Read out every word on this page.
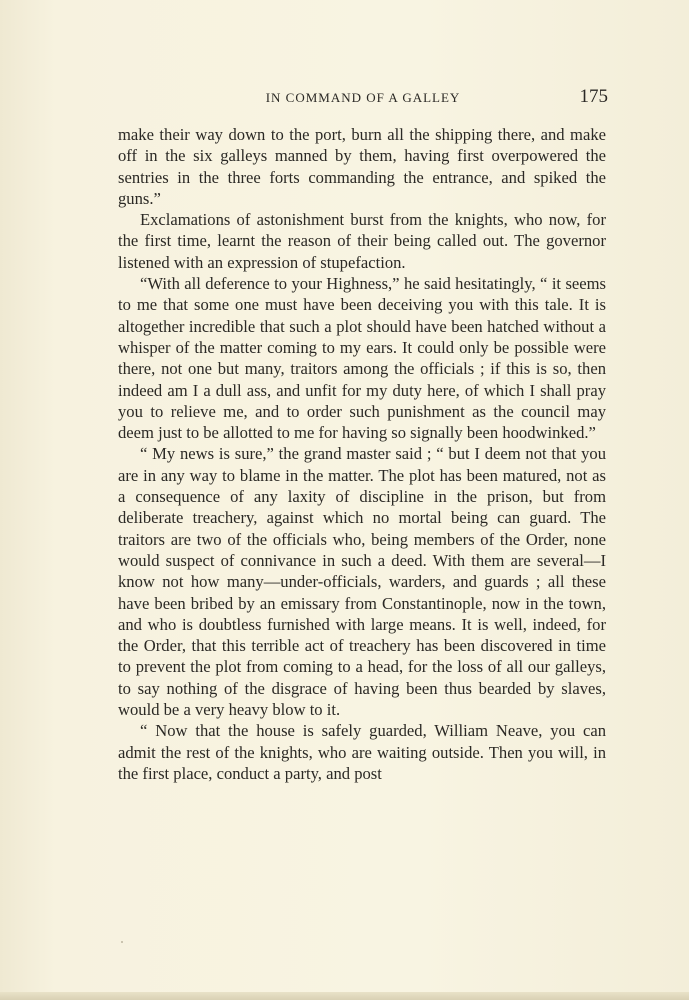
IN COMMAND OF A GALLEY	175

make their way down to the port, burn all the shipping there, and make off in the six galleys manned by them, having first overpowered the sentries in the three forts commanding the entrance, and spiked the guns.”

Exclamations of astonishment burst from the knights, who now, for the first time, learnt the reason of their being called out. The governor listened with an expression of stupefaction.

“With all deference to your Highness,” he said hesitatingly, “ it seems to me that some one must have been deceiving you with this tale. It is altogether incredible that such a plot should have been hatched without a whisper of the matter coming to my ears. It could only be possible were there, not one but many, traitors among the officials ; if this is so, then indeed am I a dull ass, and unfit for my duty here, of which I shall pray you to relieve me, and to order such punishment as the council may deem just to be allotted to me for having so signally been hoodwinked.”

“ My news is sure,” the grand master said ; “ but I deem not that you are in any way to blame in the matter. The plot has been matured, not as a consequence of any laxity of discipline in the prison, but from deliberate treachery, against which no mortal being can guard. The traitors are two of the officials who, being members of the Order, none would suspect of connivance in such a deed. With them are several—I know not how many—under-officials, warders, and guards ; all these have been bribed by an emissary from Constantinople, now in the town, and who is doubtless furnished with large means. It is well, indeed, for the Order, that this terrible act of treachery has been discovered in time to prevent the plot from coming to a head, for the loss of all our galleys, to say nothing of the disgrace of having been thus bearded by slaves, would be a very heavy blow to it.

“ Now that the house is safely guarded, William Neave, you can admit the rest of the knights, who are waiting outside. Then you will, in the first place, conduct a party, and post
